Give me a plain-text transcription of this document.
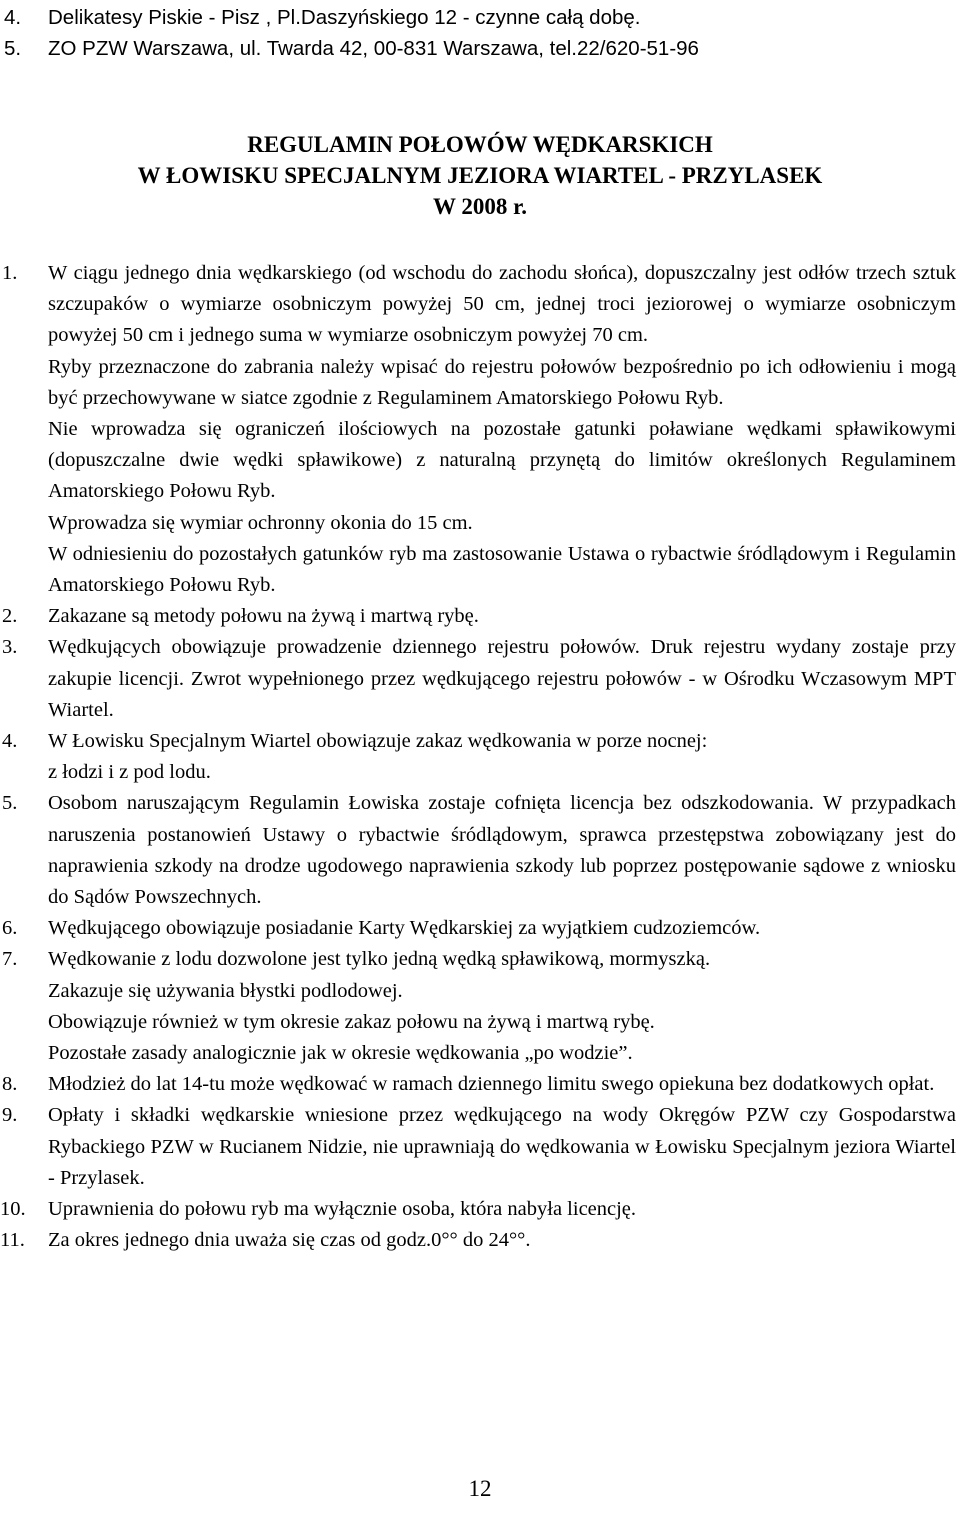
4. Delikatesy Piskie - Pisz , Pl.Daszyńskiego 12 - czynne całą dobę.

5. ZO PZW Warszawa, ul. Twarda 42, 00-831 Warszawa, tel.22/620-51-96

REGULAMIN POŁOWÓW WĘDKARSKICH
W ŁOWISKU SPECJALNYM JEZIORA WIARTEL - PRZYLASEK
W 2008 r.
1. W ciągu jednego dnia wędkarskiego (od wschodu do zachodu słońca), dopuszczalny jest odłów trzech sztuk szczupaków o wymiarze osobniczym powyżej 50 cm, jednej troci jeziorowej o wymiarze osobniczym powyżej 50 cm i jednego suma w wymiarze osobniczym powyżej 70 cm.

Ryby przeznaczone do zabrania należy wpisać do rejestru połowów bezpośrednio po ich odłowieniu i mogą być przechowywane w siatce zgodnie z Regulaminem Amatorskiego Połowu Ryb.

Nie wprowadza się ograniczeń ilościowych na pozostałe gatunki poławiane wędkami spławikowymi (dopuszczalne dwie wędki spławikowe) z naturalną przynętą do limitów określonych Regulaminem Amatorskiego Połowu Ryb.

Wprowadza się wymiar ochronny okonia do 15 cm.

W odniesieniu do pozostałych gatunków ryb ma zastosowanie Ustawa o rybactwie śródlądowym i Regulamin Amatorskiego Połowu Ryb.

2. Zakazane są metody połowu na żywą i martwą rybę.

3. Wędkujących obowiązuje prowadzenie dziennego rejestru połowów. Druk rejestru wydany zostaje przy zakupie licencji. Zwrot wypełnionego przez wędkującego rejestru połowów - w Ośrodku Wczasowym MPT Wiartel.

4. W Łowisku Specjalnym Wiartel obowiązuje zakaz wędkowania w porze nocnej:

z łodzi i z pod lodu.

5. Osobom naruszającym Regulamin Łowiska zostaje cofnięta licencja bez odszkodowania. W przypadkach naruszenia postanowień Ustawy o rybactwie śródlądowym, sprawca przestępstwa zobowiązany jest do naprawienia szkody na drodze ugodowego naprawienia szkody lub poprzez postępowanie sądowe z wniosku do Sądów Powszechnych.

6. Wędkującego obowiązuje posiadanie Karty Wędkarskiej za wyjątkiem cudzoziemców.

7. Wędkowanie z lodu dozwolone jest tylko jedną wędką spławikową, mormyszką.

Zakazuje się używania błystki podlodowej.

Obowiązuje również w tym okresie zakaz połowu na żywą i martwą rybę.

Pozostałe zasady analogicznie jak w okresie wędkowania „po wodzie”.

8. Młodzież do lat 14-tu może wędkować w ramach dziennego limitu swego opiekuna bez dodatkowych opłat.

9. Opłaty i składki wędkarskie wniesione przez wędkującego na wody Okręgów PZW czy Gospodarstwa Rybackiego PZW w Rucianem Nidzie, nie uprawniają do wędkowania w Łowisku Specjalnym jeziora Wiartel - Przylasek.

10. Uprawnienia do połowu ryb ma wyłącznie osoba, która nabyła licencję.

11. Za okres jednego dnia uważa się czas od godz.0°° do 24°°.

12
